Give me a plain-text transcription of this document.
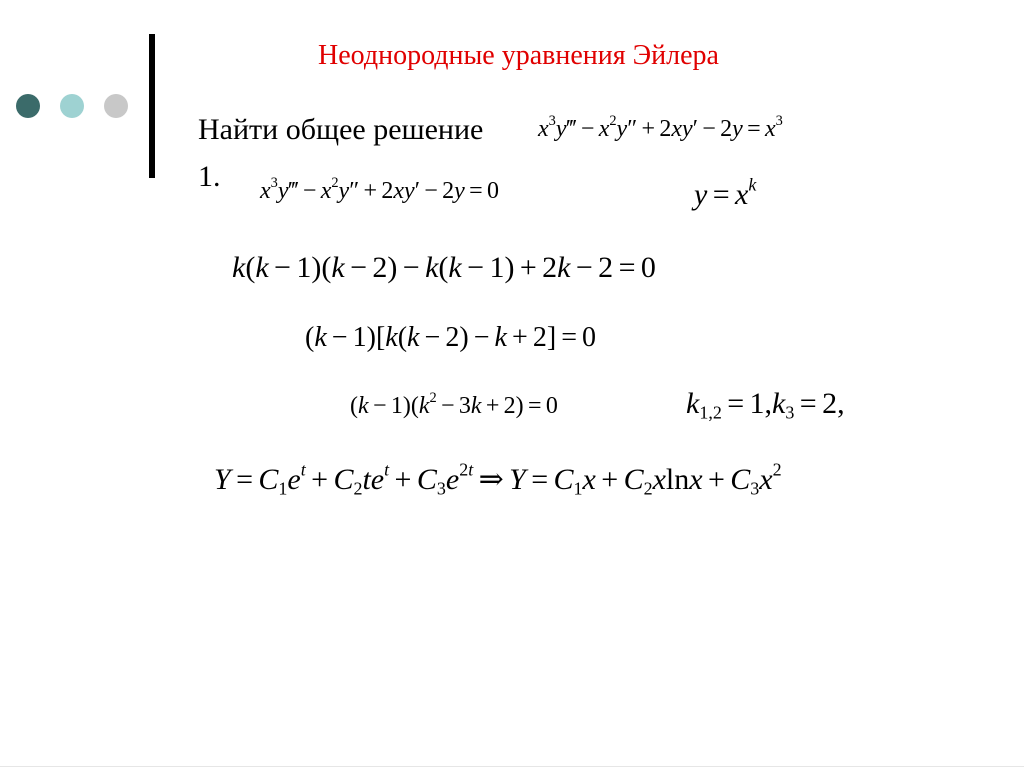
Неоднородные уравнения Эйлера
Найти общее решение $x^3y‴ - x^2y'' + 2xy' - 2y = x^3$
1. $x^3y‴ - x^2y'' + 2xy' - 2y = 0$	$y = x^k$
k(k − 1)(k − 2) − k(k − 1) + 2k − 2 = 0
(k − 1)[k(k − 2) − k + 2] = 0
$(k - 1)(k^2 - 3k + 2) = 0$	$k_{1,2} = 1,k_3 = 2$,
$Y = C_1e^t + C_2te^t + C_3e^{2t}$ ⇒ $Y = C_1x + C_2xlnx + C_3x^2$
